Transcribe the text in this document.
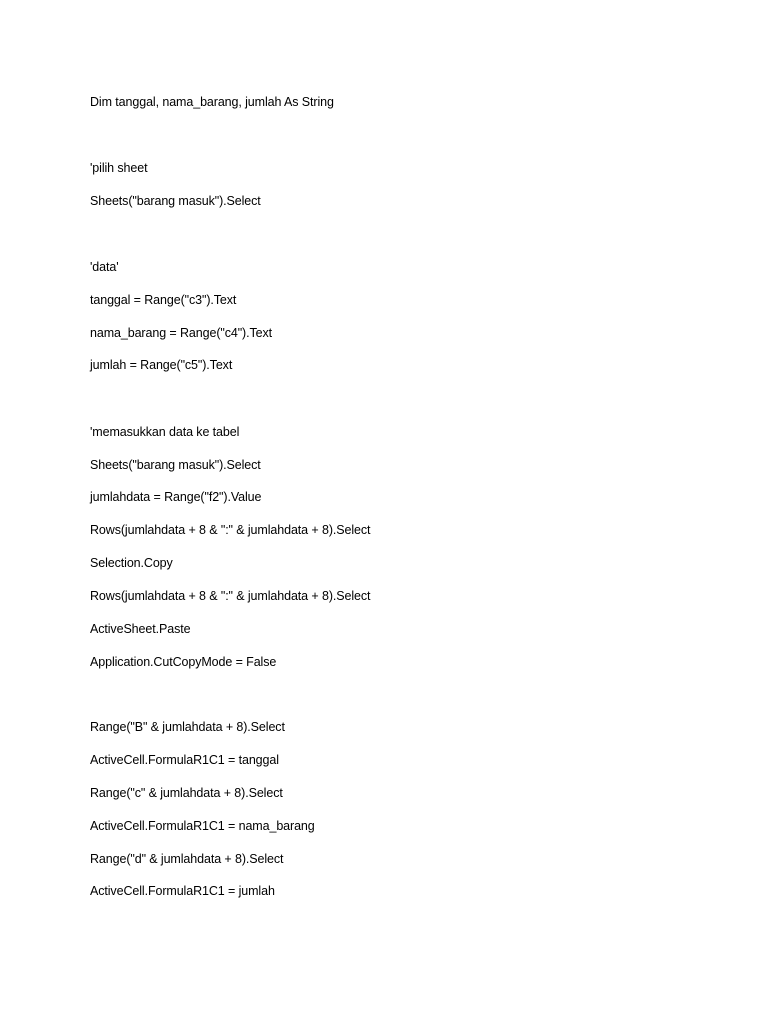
Dim tanggal, nama_barang, jumlah As String
'pilih sheet
Sheets("barang masuk").Select
'data'
tanggal = Range("c3").Text
nama_barang = Range("c4").Text
jumlah = Range("c5").Text
'memasukkan data ke tabel
Sheets("barang masuk").Select
jumlahdata = Range("f2").Value
Rows(jumlahdata + 8 & ":" & jumlahdata + 8).Select
Selection.Copy
Rows(jumlahdata + 8 & ":" & jumlahdata + 8).Select
ActiveSheet.Paste
Application.CutCopyMode = False
Range("B" & jumlahdata + 8).Select
ActiveCell.FormulaR1C1 = tanggal
Range("c" & jumlahdata + 8).Select
ActiveCell.FormulaR1C1 = nama_barang
Range("d" & jumlahdata + 8).Select
ActiveCell.FormulaR1C1 = jumlah
